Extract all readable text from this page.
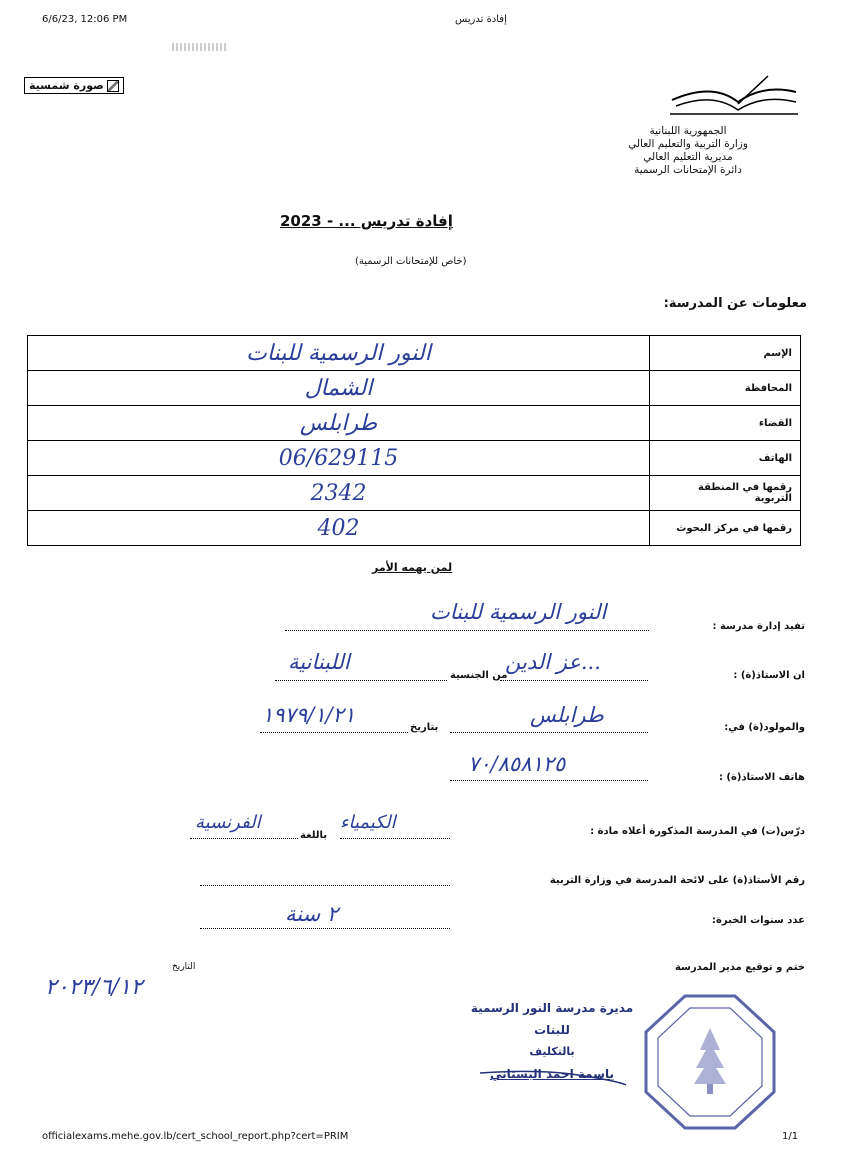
6/6/23, 12:06 PM	إفادة تدريس
صورة شمسية
الجمهورية اللبنانية
وزارة التربية والتعليم العالي
مديرية التعليم العالي
دائرة الإمتحانات الرسمية
إفادة تدريس ... - 2023
(خاص للإمتحانات الرسمية)
معلومات عن المدرسة:
النور الرسمية للبنات	الإسم
الشمال	المحافظة
طرابلس	القضاء
06/629115	الهاتف
2342	رقمها في المنطقة التربوية
402	رقمها في مركز البحوث
لمن يهمه الأمر
تفيد إدارة مدرسة :
النور الرسمية للبنات
ان الاستاذ(ة) :
...عز الدين
من الجنسية
اللبنانية
والمولود(ة) في:
طرابلس
بتاريخ
١٩٧٩/١/٢١
هاتف الاستاذ(ة) :
٧٠/٨٥٨١٢٥
درّس(ت) في المدرسة المذكورة أعلاه مادة :
الكيمياء
باللغة
الفرنسية
رقم الأستاذ(ة) على لائحة المدرسة في وزارة التربية
عدد سنوات الخبرة:
٢ سنة
ختم و توقيع مدير المدرسة
التاريخ
٢٠٢٣/٦/١٢
مديرة مدرسة النور الرسمية للبنات
بالتكليف
باسمة احمد البستاني
officialexams.mehe.gov.lb/cert_school_report.php?cert=PRIM	1/1
